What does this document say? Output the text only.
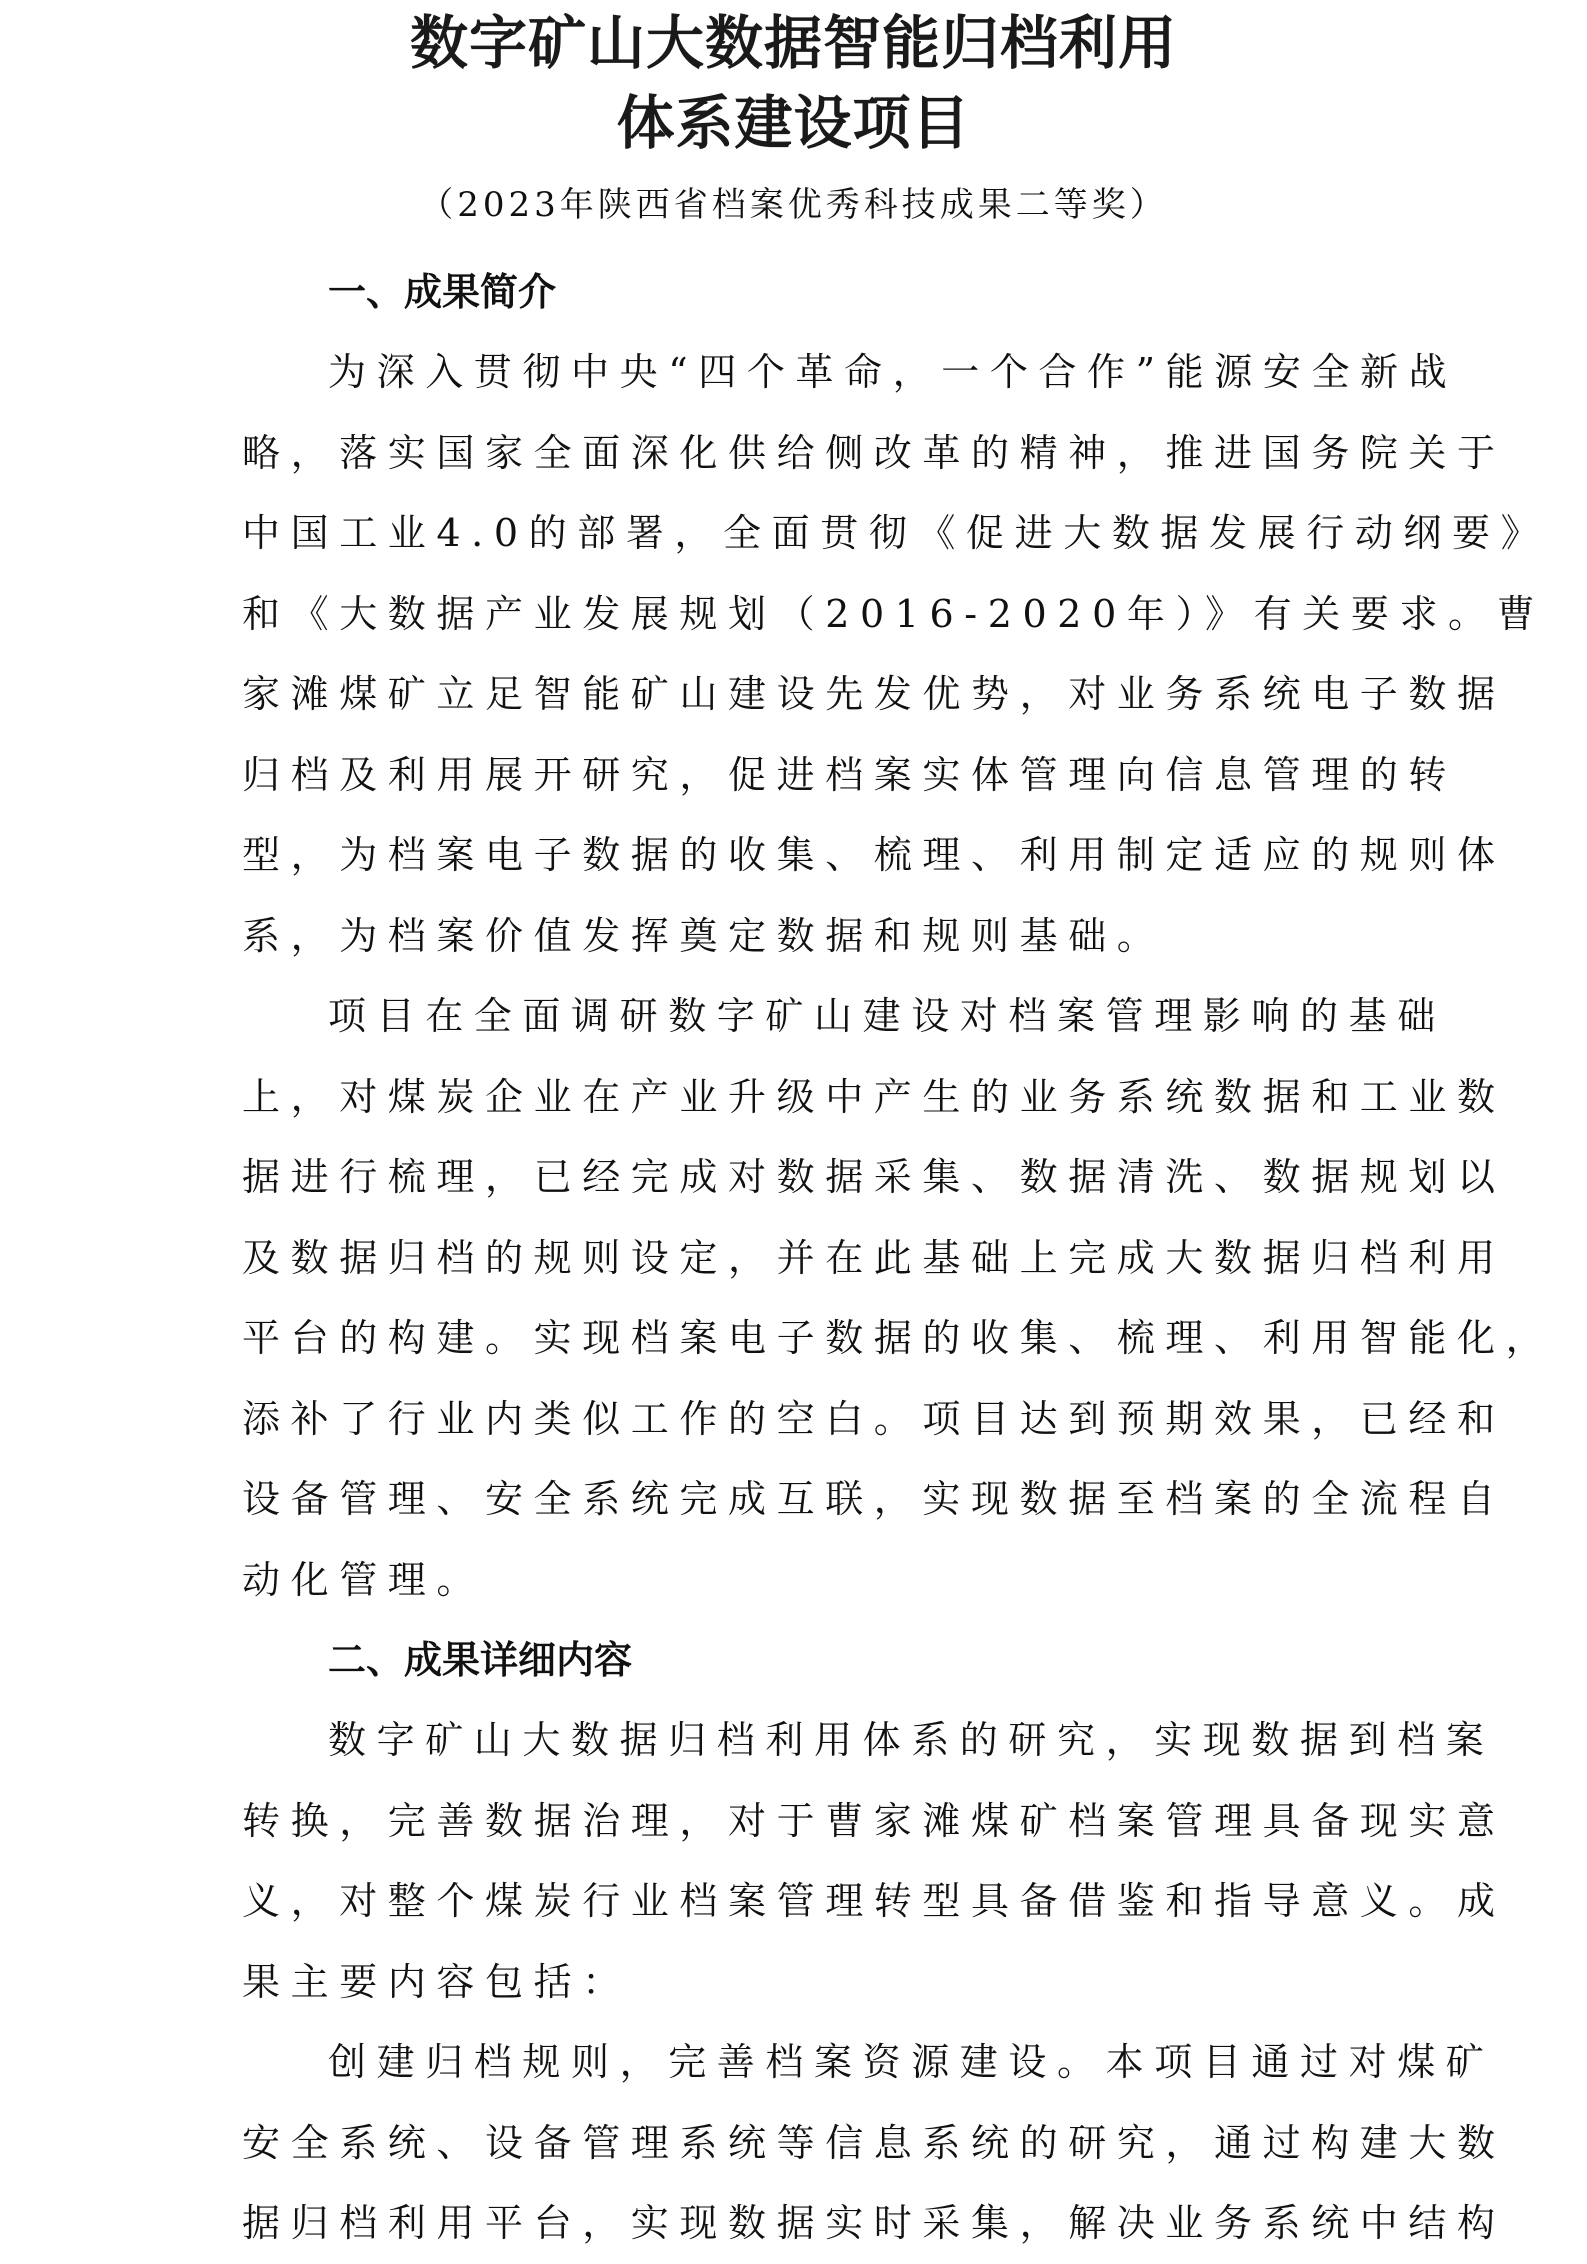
数字矿山大数据智能归档利用
体系建设项目
（2023年陕西省档案优秀科技成果二等奖）
一、成果简介
为深入贯彻中央“四个革命，一个合作”能源安全新战
略，落实国家全面深化供给侧改革的精神，推进国务院关于
中国工业4.0的部署，全面贯彻《促进大数据发展行动纲要》
和《大数据产业发展规划（2016-2020年）》有关要求。曹
家滩煤矿立足智能矿山建设先发优势，对业务系统电子数据
归档及利用展开研究，促进档案实体管理向信息管理的转
型，为档案电子数据的收集、梳理、利用制定适应的规则体
系，为档案价值发挥奠定数据和规则基础。
项目在全面调研数字矿山建设对档案管理影响的基础
上，对煤炭企业在产业升级中产生的业务系统数据和工业数
据进行梳理，已经完成对数据采集、数据清洗、数据规划以
及数据归档的规则设定，并在此基础上完成大数据归档利用
平台的构建。实现档案电子数据的收集、梳理、利用智能化，
添补了行业内类似工作的空白。项目达到预期效果，已经和
设备管理、安全系统完成互联，实现数据至档案的全流程自
动化管理。
二、成果详细内容
数字矿山大数据归档利用体系的研究，实现数据到档案
转换，完善数据治理，对于曹家滩煤矿档案管理具备现实意
义，对整个煤炭行业档案管理转型具备借鉴和指导意义。成
果主要内容包括：
创建归档规则，完善档案资源建设。本项目通过对煤矿
安全系统、设备管理系统等信息系统的研究，通过构建大数
据归档利用平台，实现数据实时采集，解决业务系统中结构
